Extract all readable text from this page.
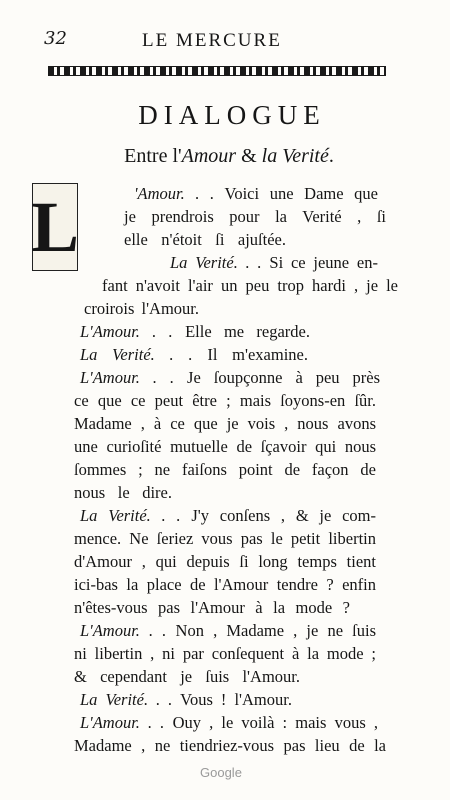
32	LE MERCURE
DIALOGUE
Entre l'Amour & la Verité.
L	'Amour. . . Voici une Dame que
je prendrois pour la Verité , ſi
elle n'étoit ſi ajuſtée.
La Verité. . . Si ce jeune en-
fant n'avoit l'air un peu trop hardi , je le
croirois l'Amour.
L'Amour. . . Elle me regarde.
La Verité. . . Il m'examine.
L'Amour. . . Je ſoupçonne à peu près
ce que ce peut être ; mais ſoyons-en ſûr.
Madame , à ce que je vois , nous avons
une curioſité mutuelle de ſçavoir qui nous
ſommes ; ne faiſons point de façon de
nous le dire.
La Verité. . . J'y conſens , & je com-
mence. Ne ſeriez vous pas le petit libertin
d'Amour , qui depuis ſi long temps tient
ici-bas la place de l'Amour tendre ? enfin
n'êtes-vous pas l'Amour à la mode ?
L'Amour. . . Non , Madame , je ne ſuis
ni libertin , ni par conſequent à la mode ;
& cependant je ſuis l'Amour.
La Verité. . . Vous ! l'Amour.
L'Amour. . . Ouy , le voilà : mais vous ,
Madame , ne tiendriez-vous pas lieu de la
Google
